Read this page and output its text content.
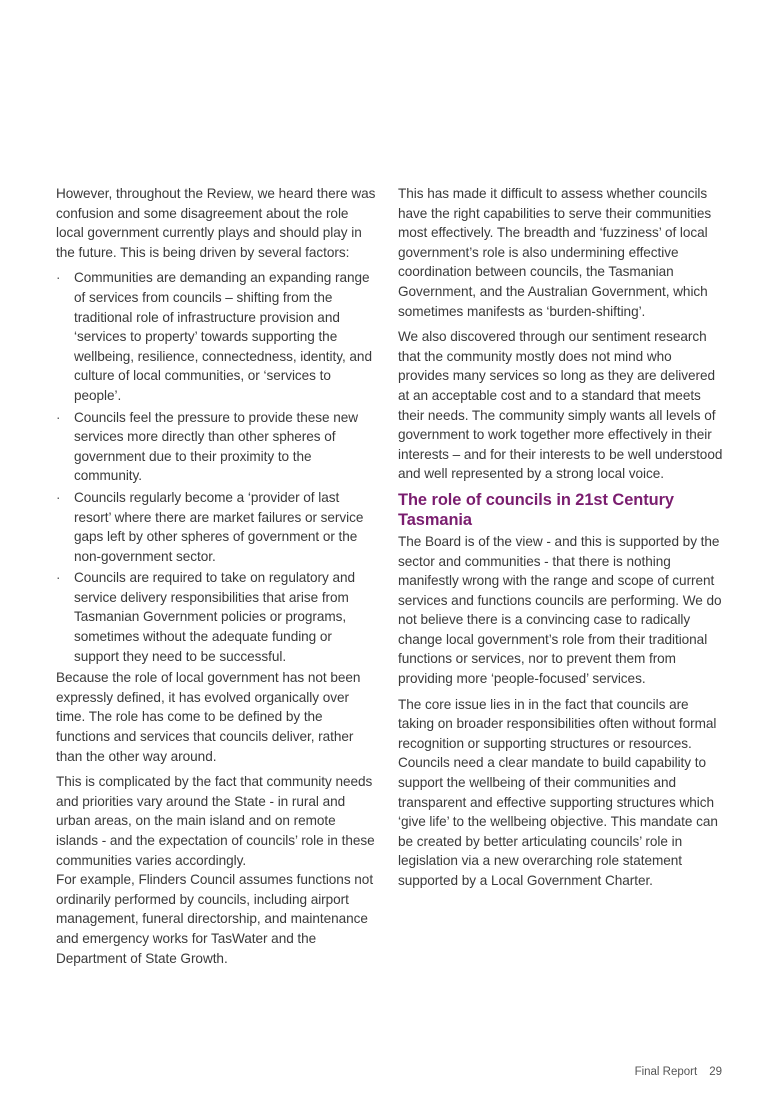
However, throughout the Review, we heard there was confusion and some disagreement about the role local government currently plays and should play in the future. This is being driven by several factors:

· Communities are demanding an expanding range of services from councils – shifting from the traditional role of infrastructure provision and ‘services to property’ towards supporting the wellbeing, resilience, connectedness, identity, and culture of local communities, or ‘services to people’.
· Councils feel the pressure to provide these new services more directly than other spheres of government due to their proximity to the community.
· Councils regularly become a ‘provider of last resort’ where there are market failures or service gaps left by other spheres of government or the non-government sector.
· Councils are required to take on regulatory and service delivery responsibilities that arise from Tasmanian Government policies or programs, sometimes without the adequate funding or support they need to be successful.

Because the role of local government has not been expressly defined, it has evolved organically over time. The role has come to be defined by the functions and services that councils deliver, rather than the other way around.

This is complicated by the fact that community needs and priorities vary around the State - in rural and urban areas, on the main island and on remote islands - and the expectation of councils’ role in these communities varies accordingly.

For example, Flinders Council assumes functions not ordinarily performed by councils, including airport management, funeral directorship, and maintenance and emergency works for TasWater and the Department of State Growth.

This has made it difficult to assess whether councils have the right capabilities to serve their communities most effectively. The breadth and ‘fuzziness’ of local government’s role is also undermining effective coordination between councils, the Tasmanian Government, and the Australian Government, which sometimes manifests as ‘burden-shifting’.

We also discovered through our sentiment research that the community mostly does not mind who provides many services so long as they are delivered at an acceptable cost and to a standard that meets their needs. The community simply wants all levels of government to work together more effectively in their interests – and for their interests to be well understood and well represented by a strong local voice.

The role of councils in 21st Century Tasmania

The Board is of the view - and this is supported by the sector and communities - that there is nothing manifestly wrong with the range and scope of current services and functions councils are performing. We do not believe there is a convincing case to radically change local government’s role from their traditional functions or services, nor to prevent them from providing more ‘people-focused’ services.

The core issue lies in in the fact that councils are taking on broader responsibilities often without formal recognition or supporting structures or resources. Councils need a clear mandate to build capability to support the wellbeing of their communities and transparent and effective supporting structures which ‘give life’ to the wellbeing objective. This mandate can be created by better articulating councils’ role in legislation via a new overarching role statement supported by a Local Government Charter.

Final Report 29
